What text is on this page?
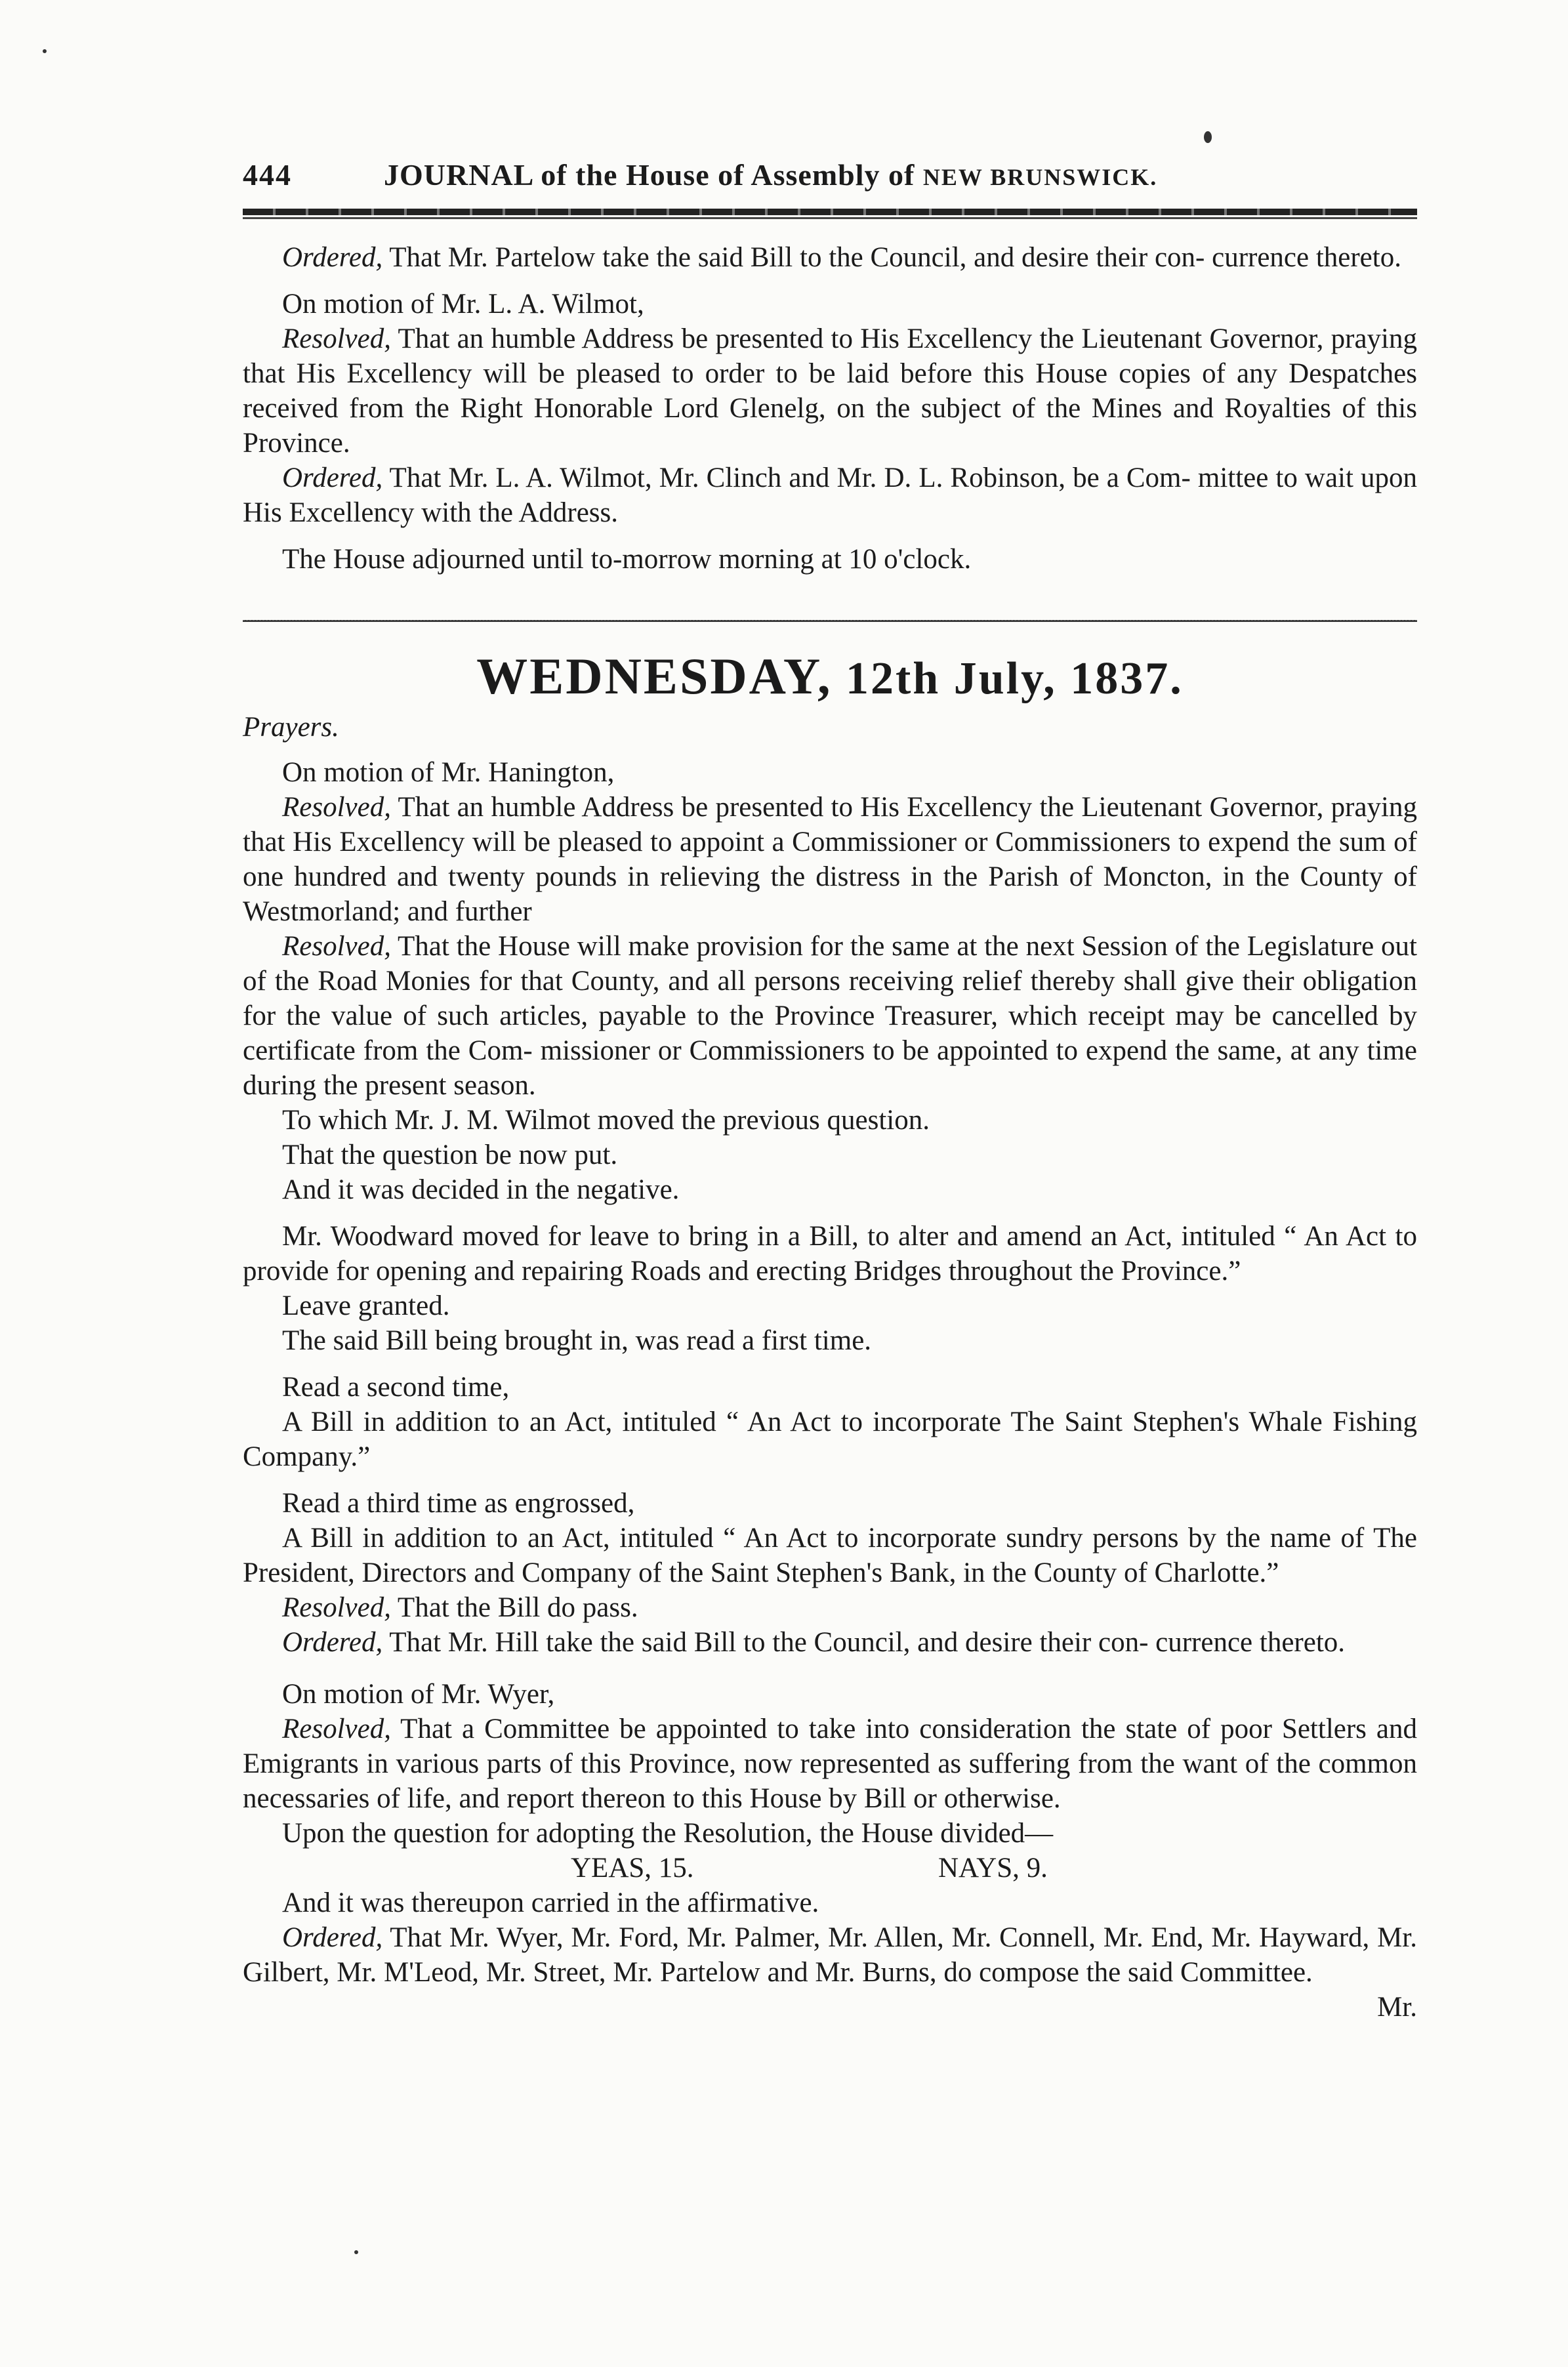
444	JOURNAL of the House of Assembly of NEW BRUNSWICK.

Ordered, That Mr. Partelow take the said Bill to the Council, and desire their con- currence thereto.

On motion of Mr. L. A. Wilmot,

Resolved, That an humble Address be presented to His Excellency the Lieutenant Governor, praying that His Excellency will be pleased to order to be laid before this House copies of any Despatches received from the Right Honorable Lord Glenelg, on the subject of the Mines and Royalties of this Province.

Ordered, That Mr. L. A. Wilmot, Mr. Clinch and Mr. D. L. Robinson, be a Com- mittee to wait upon His Excellency with the Address.

The House adjourned until to-morrow morning at 10 o'clock.

WEDNESDAY, 12th July, 1837.
Prayers.

On motion of Mr. Hanington,

Resolved, That an humble Address be presented to His Excellency the Lieutenant Governor, praying that His Excellency will be pleased to appoint a Commissioner or Commissioners to expend the sum of one hundred and twenty pounds in relieving the distress in the Parish of Moncton, in the County of Westmorland; and further

Resolved, That the House will make provision for the same at the next Session of the Legislature out of the Road Monies for that County, and all persons receiving relief thereby shall give their obligation for the value of such articles, payable to the Province Treasurer, which receipt may be cancelled by certificate from the Com- missioner or Commissioners to be appointed to expend the same, at any time during the present season.

To which Mr. J. M. Wilmot moved the previous question.

That the question be now put.

And it was decided in the negative.

Mr. Woodward moved for leave to bring in a Bill, to alter and amend an Act, intituled “ An Act to provide for opening and repairing Roads and erecting Bridges throughout the Province.”

Leave granted.

The said Bill being brought in, was read a first time.

Read a second time,

A Bill in addition to an Act, intituled “ An Act to incorporate The Saint Stephen's Whale Fishing Company.”

Read a third time as engrossed,

A Bill in addition to an Act, intituled “ An Act to incorporate sundry persons by the name of The President, Directors and Company of the Saint Stephen's Bank, in the County of Charlotte.”

Resolved, That the Bill do pass.

Ordered, That Mr. Hill take the said Bill to the Council, and desire their con- currence thereto.

On motion of Mr. Wyer,

Resolved, That a Committee be appointed to take into consideration the state of poor Settlers and Emigrants in various parts of this Province, now represented as suffering from the want of the common necessaries of life, and report thereon to this House by Bill or otherwise.

Upon the question for adopting the Resolution, the House divided—

YEAS, 15.	NAYS, 9.

And it was thereupon carried in the affirmative.

Ordered, That Mr. Wyer, Mr. Ford, Mr. Palmer, Mr. Allen, Mr. Connell, Mr. End, Mr. Hayward, Mr. Gilbert, Mr. M'Leod, Mr. Street, Mr. Partelow and Mr. Burns, do compose the said Committee.

Mr.
